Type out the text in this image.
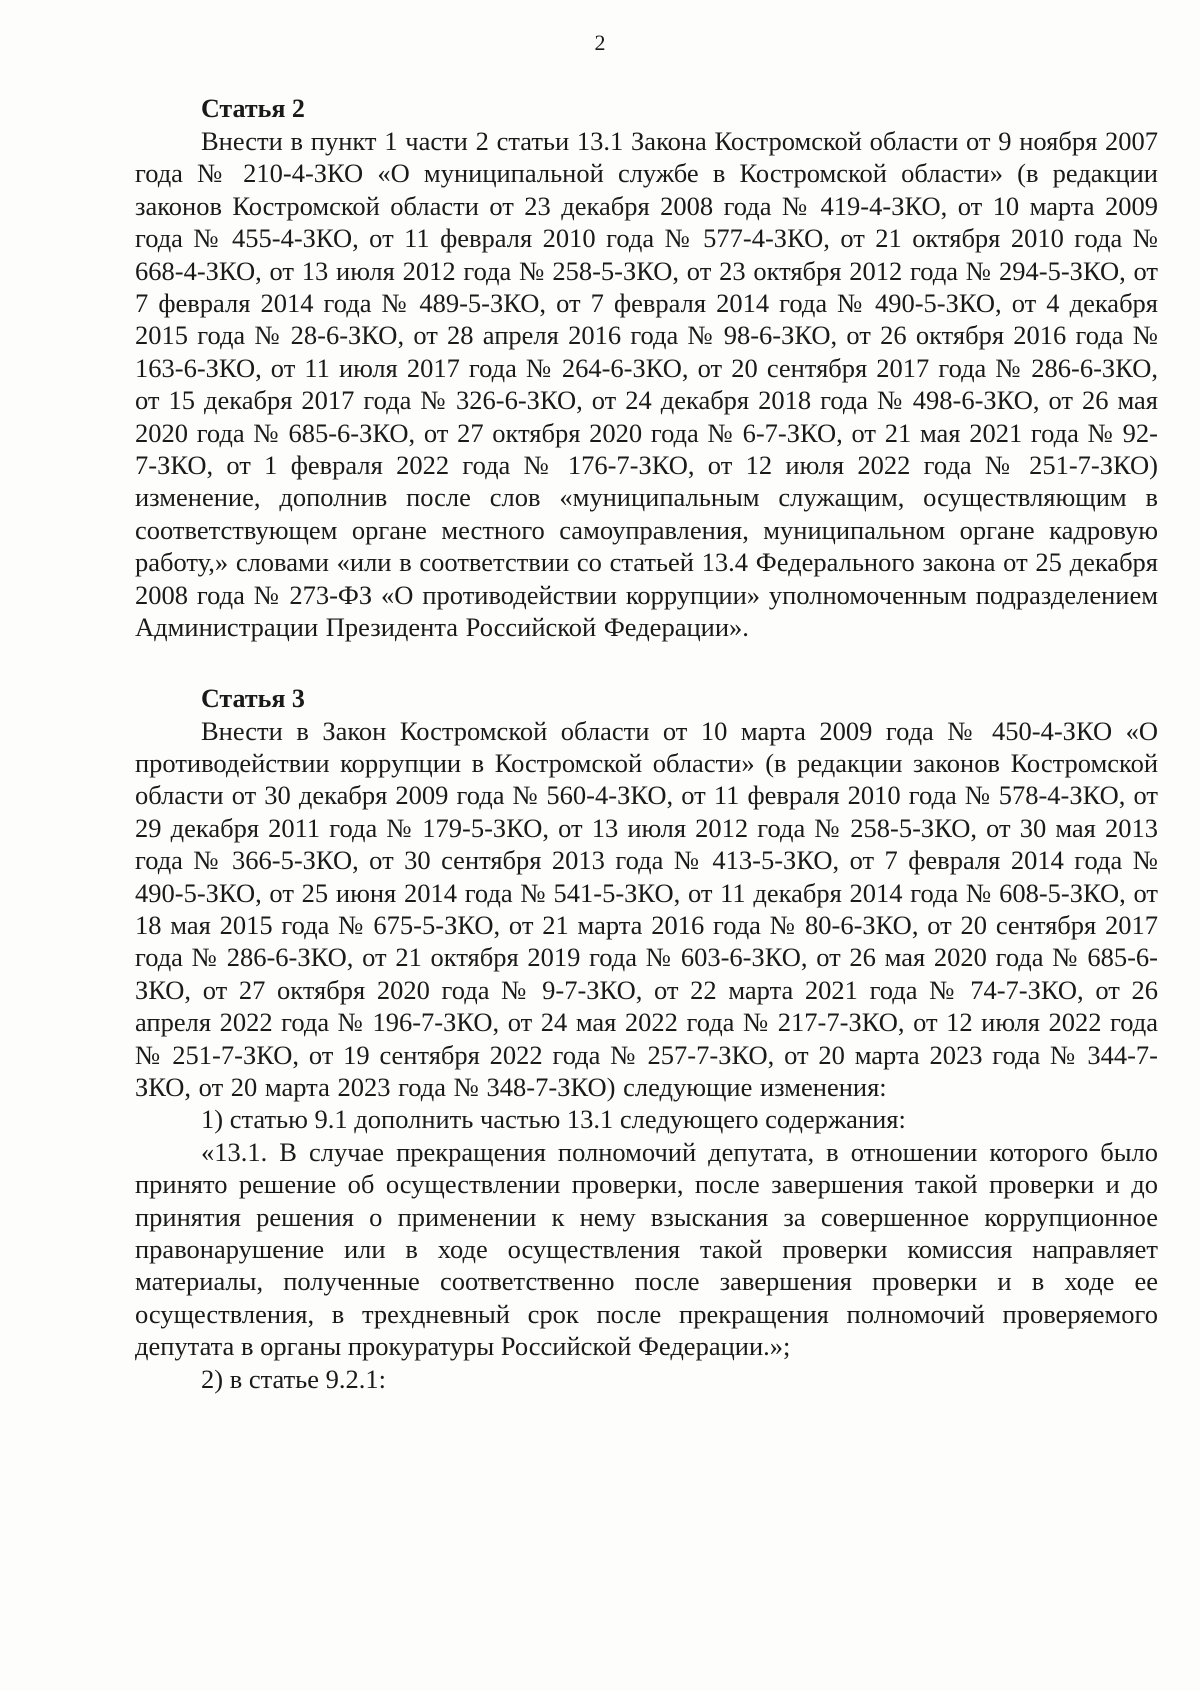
2

Статья 2

Внести в пункт 1 части 2 статьи 13.1 Закона Костромской области от 9 ноября 2007 года № 210-4-ЗКО «О муниципальной службе в Костромской области» (в редакции законов Костромской области от 23 декабря 2008 года № 419-4-ЗКО, от 10 марта 2009 года № 455-4-ЗКО, от 11 февраля 2010 года № 577-4-ЗКО, от 21 октября 2010 года № 668-4-ЗКО, от 13 июля 2012 года № 258-5-ЗКО, от 23 октября 2012 года № 294-5-ЗКО, от 7 февраля 2014 года № 489-5-ЗКО, от 7 февраля 2014 года № 490-5-ЗКО, от 4 декабря 2015 года № 28-6-ЗКО, от 28 апреля 2016 года № 98-6-ЗКО, от 26 октября 2016 года № 163-6-ЗКО, от 11 июля 2017 года № 264-6-ЗКО, от 20 сентября 2017 года № 286-6-ЗКО, от 15 декабря 2017 года № 326-6-ЗКО, от 24 декабря 2018 года № 498-6-ЗКО, от 26 мая 2020 года № 685-6-ЗКО, от 27 октября 2020 года № 6-7-ЗКО, от 21 мая 2021 года № 92-7-ЗКО, от 1 февраля 2022 года № 176-7-ЗКО, от 12 июля 2022 года № 251-7-ЗКО) изменение, дополнив после слов «муниципальным служащим, осуществляющим в соответствующем органе местного самоуправления, муниципальном органе кадровую работу,» словами «или в соответствии со статьей 13.4 Федерального закона от 25 декабря 2008 года № 273-ФЗ «О противодействии коррупции» уполномоченным подразделением Администрации Президента Российской Федерации».

Статья 3

Внести в Закон Костромской области от 10 марта 2009 года № 450-4-ЗКО «О противодействии коррупции в Костромской области» (в редакции законов Костромской области от 30 декабря 2009 года № 560-4-ЗКО, от 11 февраля 2010 года № 578-4-ЗКО, от 29 декабря 2011 года № 179-5-ЗКО, от 13 июля 2012 года № 258-5-ЗКО, от 30 мая 2013 года № 366-5-ЗКО, от 30 сентября 2013 года № 413-5-ЗКО, от 7 февраля 2014 года № 490-5-ЗКО, от 25 июня 2014 года № 541-5-ЗКО, от 11 декабря 2014 года № 608-5-ЗКО, от 18 мая 2015 года № 675-5-ЗКО, от 21 марта 2016 года № 80-6-ЗКО, от 20 сентября 2017 года № 286-6-ЗКО, от 21 октября 2019 года № 603-6-ЗКО, от 26 мая 2020 года № 685-6-ЗКО, от 27 октября 2020 года № 9-7-ЗКО, от 22 марта 2021 года № 74-7-ЗКО, от 26 апреля 2022 года № 196-7-ЗКО, от 24 мая 2022 года № 217-7-ЗКО, от 12 июля 2022 года № 251-7-ЗКО, от 19 сентября 2022 года № 257-7-ЗКО, от 20 марта 2023 года № 344-7-ЗКО, от 20 марта 2023 года № 348-7-ЗКО) следующие изменения:

1) статью 9.1 дополнить частью 13.1 следующего содержания:

«13.1. В случае прекращения полномочий депутата, в отношении которого было принято решение об осуществлении проверки, после завершения такой проверки и до принятия решения о применении к нему взыскания за совершенное коррупционное правонарушение или в ходе осуществления такой проверки комиссия направляет материалы, полученные соответственно после завершения проверки и в ходе ее осуществления, в трехдневный срок после прекращения полномочий проверяемого депутата в органы прокуратуры Российской Федерации.»;

2) в статье 9.2.1:
